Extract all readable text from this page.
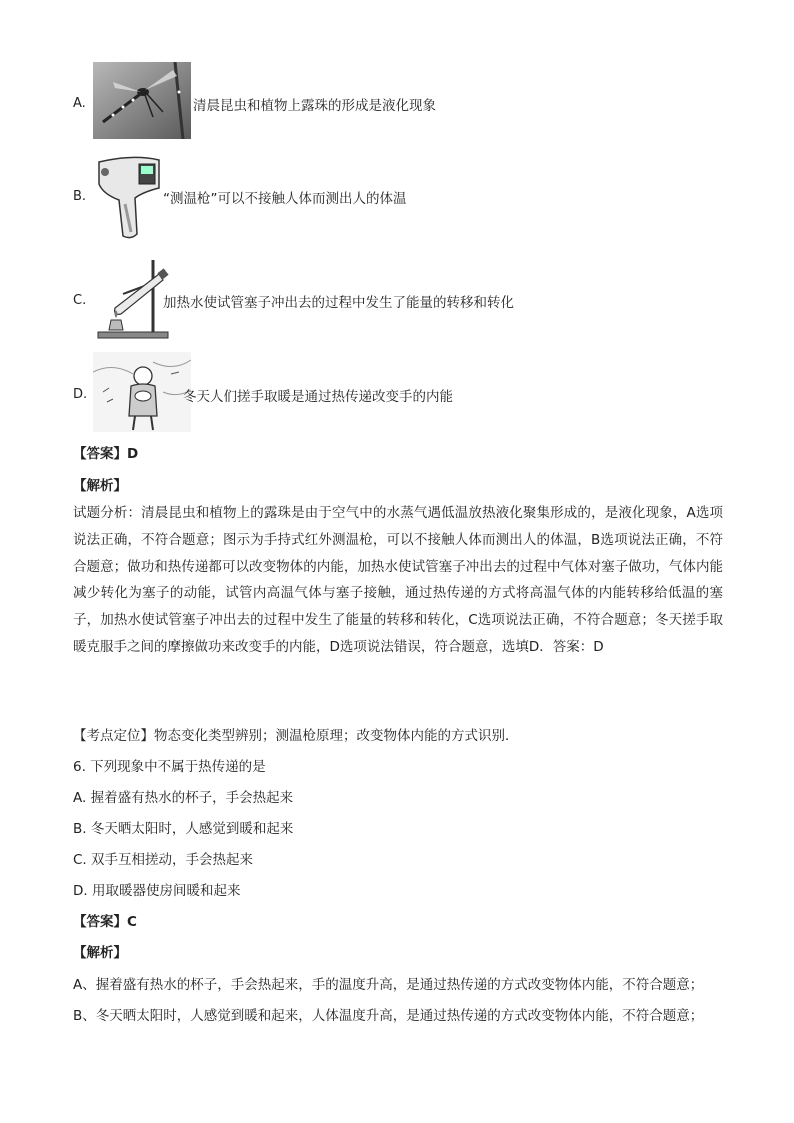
A.	清晨昆虫和植物上露珠的形成是液化现象
B.	“测温枪”可以不接触人体而测出人的体温
C.	加热水使试管塞子冲出去的过程中发生了能量的转移和转化
D.	冬天人们搓手取暖是通过热传递改变手的内能
【答案】D
【解析】
试题分析：清晨昆虫和植物上的露珠是由于空气中的水蒸气遇低温放热液化聚集形成的，是液化现象，A选项说法正确，不符合题意；图示为手持式红外测温枪，可以不接触人体而测出人的体温，B选项说法正确，不符合题意；做功和热传递都可以改变物体的内能，加热水使试管塞子冲出去的过程中气体对塞子做功，气体内能减少转化为塞子的动能，试管内高温气体与塞子接触，通过热传递的方式将高温气体的内能转移给低温的塞子，加热水使试管塞子冲出去的过程中发生了能量的转移和转化，C选项说法正确，不符合题意；冬天搓手取暖克服手之间的摩擦做功来改变手的内能，D选项说法错误，符合题意，选填D．答案：D
【考点定位】物态变化类型辨别；测温枪原理；改变物体内能的方式识别．
6. 下列现象中不属于热传递的是
A. 握着盛有热水的杯子，手会热起来
B. 冬天晒太阳时，人感觉到暖和起来
C. 双手互相搓动，手会热起来
D. 用取暖器使房间暖和起来
【答案】C
【解析】
A、握着盛有热水的杯子，手会热起来，手的温度升高，是通过热传递的方式改变物体内能，不符合题意；
B、冬天晒太阳时，人感觉到暖和起来，人体温度升高，是通过热传递的方式改变物体内能，不符合题意；
